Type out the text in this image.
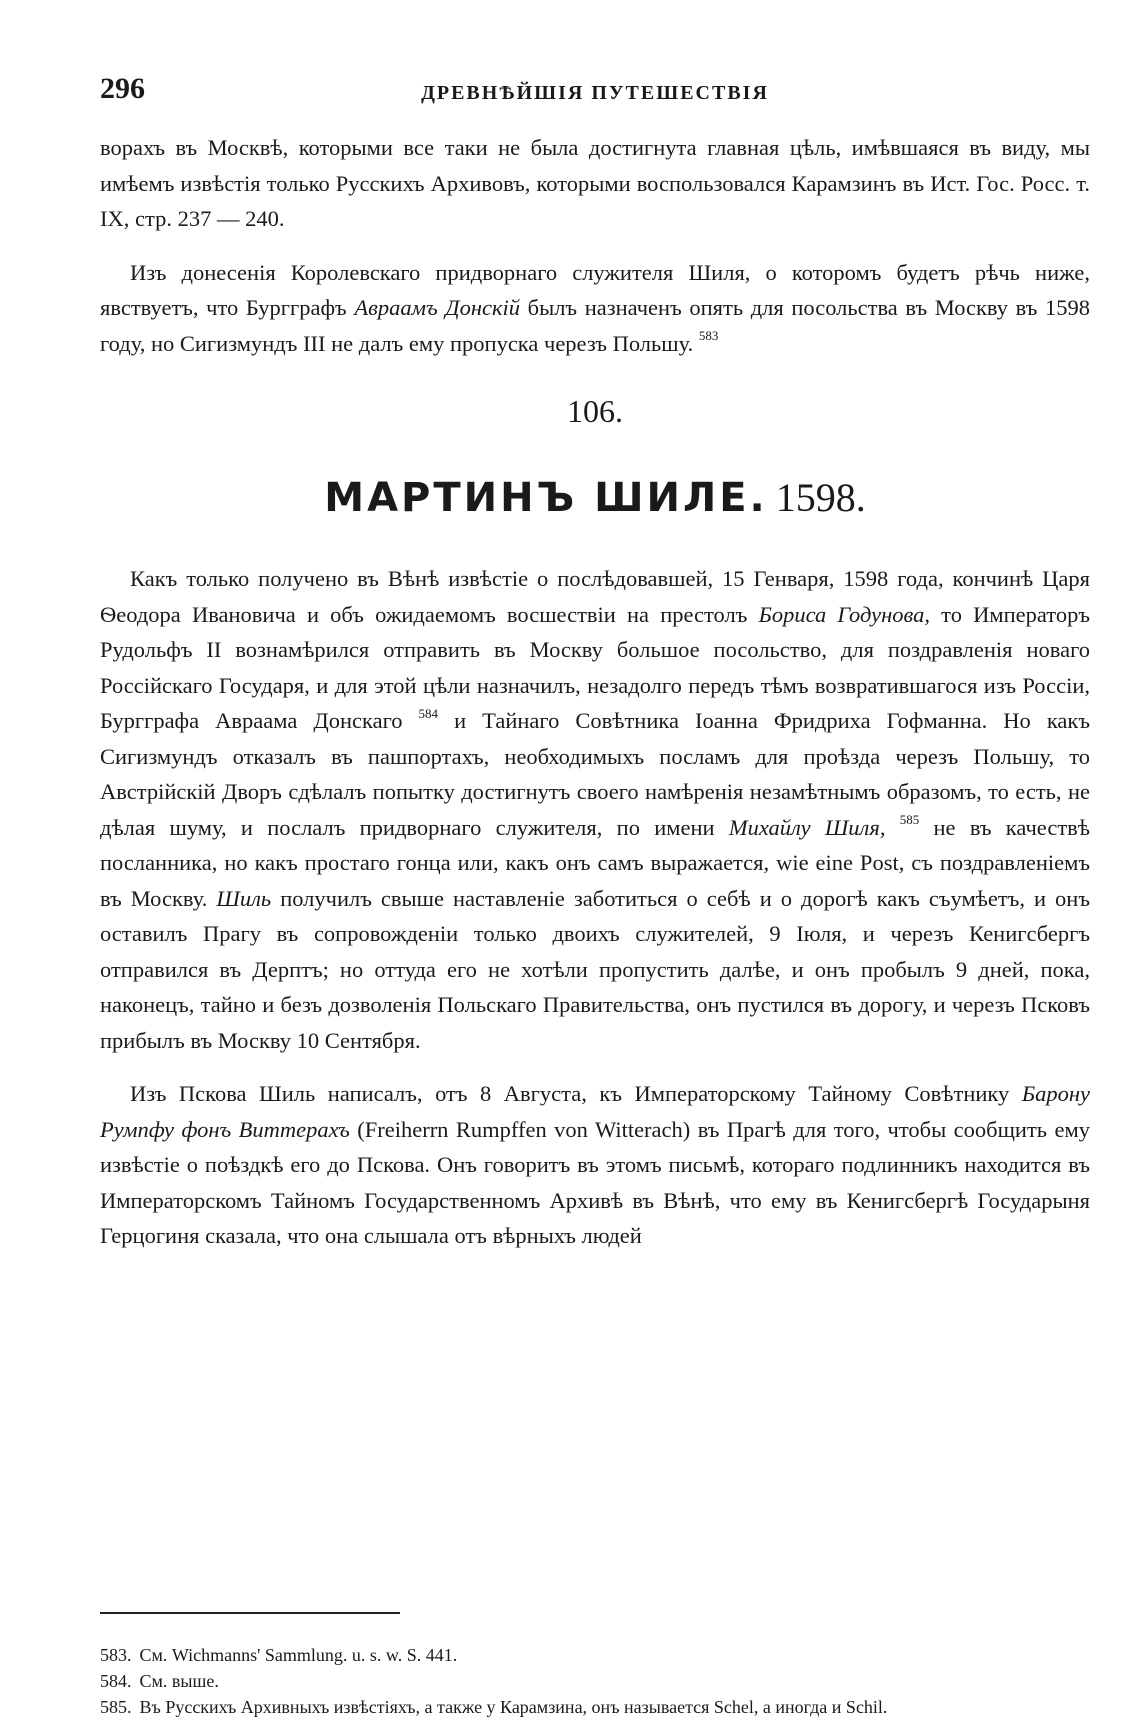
296	ДРЕВНѢЙШІЯ ПУТЕШЕСТВІЯ

ворахъ въ Москвѣ, которыми все таки не была достигнута главная цѣль, имѣвшаяся въ виду, мы имѣемъ извѣстія только Русскихъ Архивовъ, которыми воспользовался Карамзинъ въ Ист. Гос. Росс. т. IX, стр. 237 — 240.

Изъ донесенія Королевскаго придворнаго служителя Шиля, о которомъ будетъ рѣчь ниже, явствуетъ, что Бургграфъ Авраамъ Донскій былъ назначенъ опять для посольства въ Москву въ 1598 году, но Сигизмундъ III не далъ ему пропуска черезъ Польшу. $^{583}$

106.
МАРТИНЪ ШИЛЕ. 1598.

Какъ только получено въ Вѣнѣ извѣстіе о послѣдовавшей, 15 Генваря, 1598 года, кончинѣ Царя Ѳеодора Ивановича и объ ожидаемомъ восшествіи на престолъ Бориса Годунова, то Императоръ Рудольфъ II вознамѣрился отправить въ Москву большое посольство, для поздравленія новаго Россійскаго Государя, и для этой цѣли назначилъ, незадолго передъ тѣмъ возвратившагося изъ Россіи, Бургграфа Авраама Донскаго $^{584}$ и Тайнаго Совѣтника Іоанна Фридриха Гофманна. Но какъ Сигизмундъ отказалъ въ пашпортахъ, необходимыхъ посламъ для проѣзда черезъ Польшу, то Австрійскій Дворъ сдѣлалъ попытку достигнутъ своего намѣренія незамѣтнымъ образомъ, то есть, не дѣлая шуму, и послалъ придворнаго служителя, по имени Михайлу Шиля, $^{585}$ не въ качествѣ посланника, но какъ простаго гонца или, какъ онъ самъ выражается, wie eine Post, съ поздравленіемъ въ Москву. Шиль получилъ свыше наставленіе заботиться о себѣ и о дорогѣ какъ съумѣетъ, и онъ оставилъ Прагу въ сопровожденіи только двоихъ служителей, 9 Іюля, и черезъ Кенигсбергъ отправился въ Дерптъ; но оттуда его не хотѣли пропустить далѣе, и онъ пробылъ 9 дней, пока, наконецъ, тайно и безъ дозволенія Польскаго Правительства, онъ пустился въ дорогу, и черезъ Псковъ прибылъ въ Москву 10 Сентября.

Изъ Пскова Шиль написалъ, отъ 8 Августа, къ Императорскому Тайному Совѣтнику Барону Румпфу фонъ Виттерахъ (Freiherrn Rumpffen von Witterach) въ Прагѣ для того, чтобы сообщить ему извѣстіе о поѣздкѣ его до Пскова. Онъ говоритъ въ этомъ письмѣ, котораго подлинникъ находится въ Императорскомъ Тайномъ Государственномъ Архивѣ въ Вѣнѣ, что ему въ Кенигсбергѣ Государыня Герцогиня сказала, что она слышала отъ вѣрныхъ людей

583. См. Wichmanns' Sammlung. u. s. w. S. 441.

584. См. выше.

585. Въ Русскихъ Архивныхъ извѣстіяхъ, а также у Карамзина, онъ называется Schel, а иногда и Schil.
